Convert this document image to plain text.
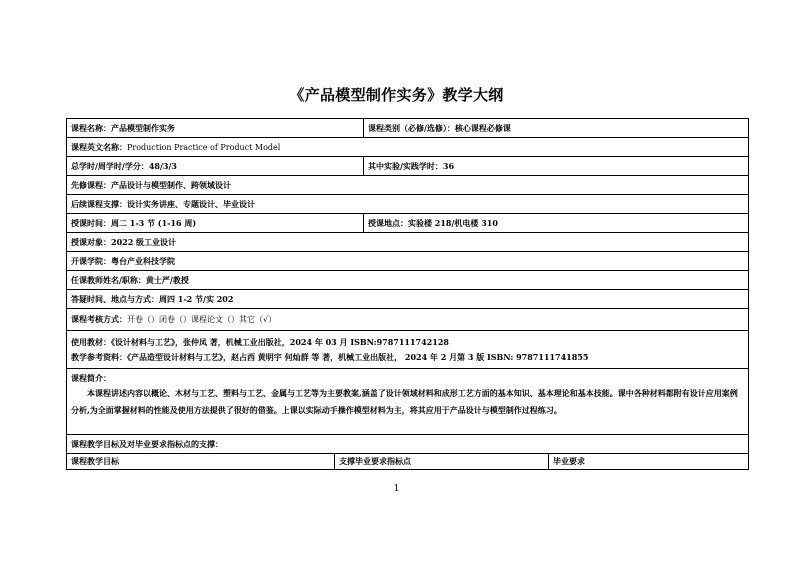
《产品模型制作实务》教学大纲
课程名称：产品模型制作实务		课程类别（必修/选修）：核心课程必修课	
课程英文名称：Production Practice of Product Model			
总学时/周学时/学分：48/3/3		其中实验/实践学时：36	
先修课程：产品设计与模型制作、跨领域设计			
后续课程支撑：设计实务讲座、专题设计、毕业设计			
授课时间：周二 1-3 节 (1-16 周)		授课地点：实验楼 218/机电楼 310	
授课对象：2022 级工业设计			
开课学院：粤台产业科技学院			
任课教师姓名/职称：黄士严/教授			
答疑时间、地点与方式：周四 1-2 节/实 202			
课程考核方式：开卷（）闭卷（）课程论文（）其它（√）			

使用教材：《设计材料与工艺》，张仲凤 著，机械工业出版社，2024 年 03 月 ISBN:9787111742128
教学参考资料：《产品造型设计材料与工艺》，赵占西 黄明宇 何灿群 等 著，机械工业出版社， 2024 年 2 月第 3 版 ISBN: 9787111741855			

课程简介：
本课程讲述内容以概论、木材与工艺、塑料与工艺、金属与工艺等为主要教案,涵盖了设计领域材料和成形工艺方面的基本知识、基本理论和基本技能。课中各种材料都附有设计应用案例分析,为全面掌握材料的性能及使用方法提供了很好的借鉴。上课以实际动手操作模型材料为主，将其应用于产品设计与模型制作过程练习。			

课程教学目标及对毕业要求指标点的支撑：			
课程教学目标	支撑毕业要求指标点		毕业要求
1
